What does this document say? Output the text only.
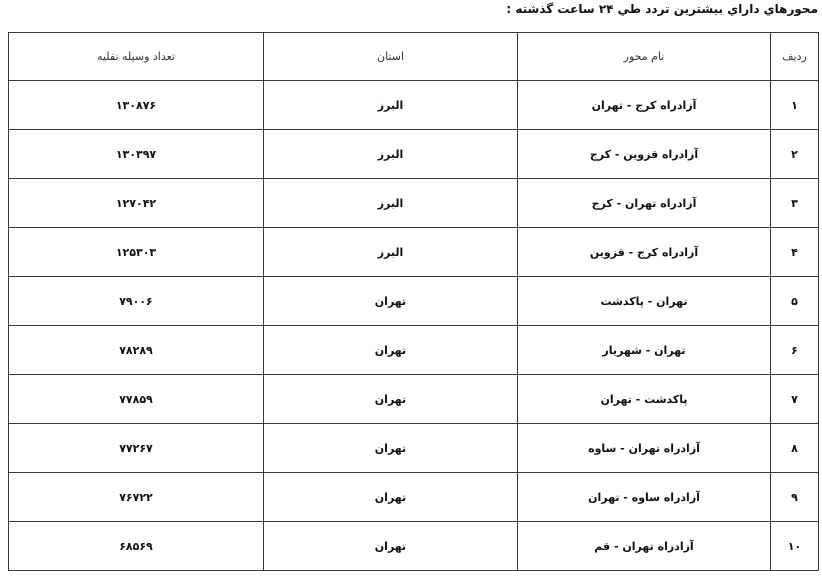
محورهاي داراي بيشترين تردد طي ۲۴ ساعت گذشته :
رديف	نام محور	استان	تعداد وسیله نقلیه
۱	آزادراه کرج - تهران	البرز	۱۳۰۸۷۶
۲	آزادراه قزوین - کرج	البرز	۱۳۰۳۹۷
۳	آزادراه تهران - کرج	البرز	۱۲۷۰۴۲
۴	آزادراه کرج - قزوین	البرز	۱۲۵۳۰۳
۵	تهران - پاکدشت	تهران	۷۹۰۰۶
۶	تهران - شهریار	تهران	۷۸۲۸۹
۷	پاکدشت - تهران	تهران	۷۷۸۵۹
۸	آزادراه تهران - ساوه	تهران	۷۷۲۶۷
۹	آزادراه ساوه - تهران	تهران	۷۶۷۲۲
۱۰	آزادراه تهران - قم	تهران	۶۸۵۶۹
